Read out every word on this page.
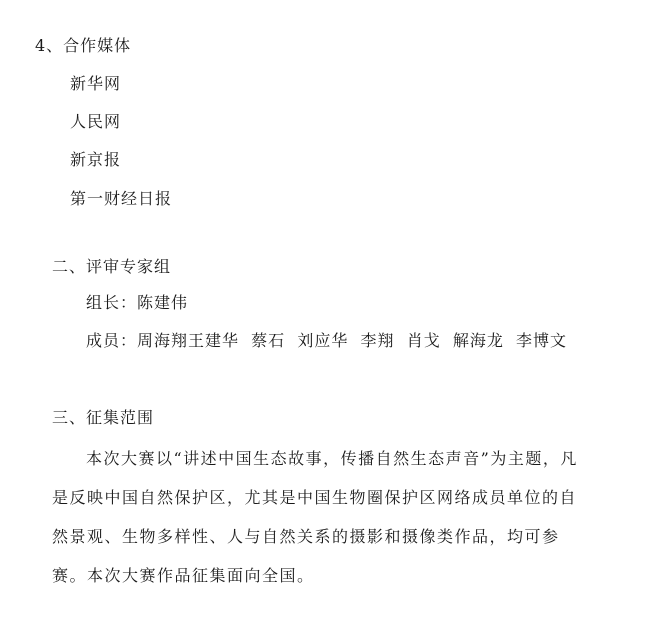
4、合作媒体
新华网
人民网
新京报
第一财经日报
二、评审专家组
组长：陈建伟
成员：周海翔王建华  蔡石  刘应华  李翔  肖戈  解海龙  李博文
三、征集范围
本次大赛以“讲述中国生态故事，传播自然生态声音”为主题，凡是反映中国自然保护区，尤其是中国生物圈保护区网络成员单位的自然景观、生物多样性、人与自然关系的摄影和摄像类作品，均可参赛。本次大赛作品征集面向全国。
